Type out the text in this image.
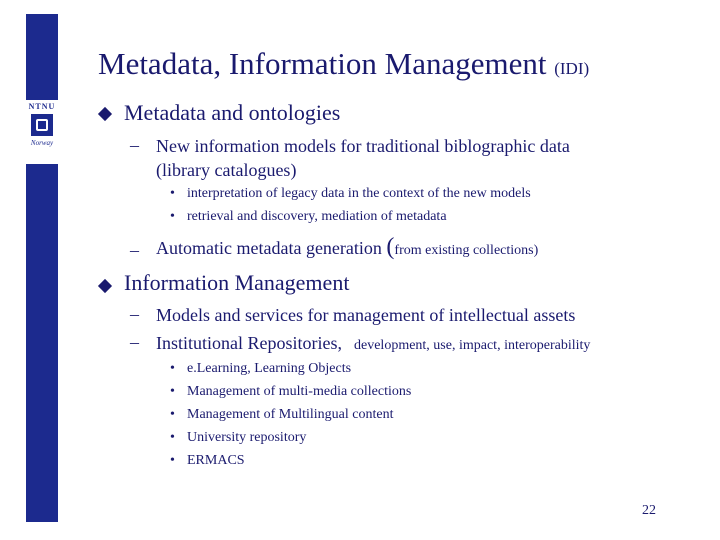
NTNU
Norway
Metadata, Information Management (IDI)
Metadata and ontologies
– New information models for traditional biblographic data
(library catalogues)
• interpretation of legacy data in the context of the new models
• retrieval and discovery, mediation of metadata
– Automatic metadata generation (from existing collections)
Information Management
– Models and services for management of intellectual assets
– Institutional Repositories, development, use, impact, interoperability
• e.Learning, Learning Objects
• Management of multi-media collections
• Management of Multilingual content
• University repository
• ERMACS
22
